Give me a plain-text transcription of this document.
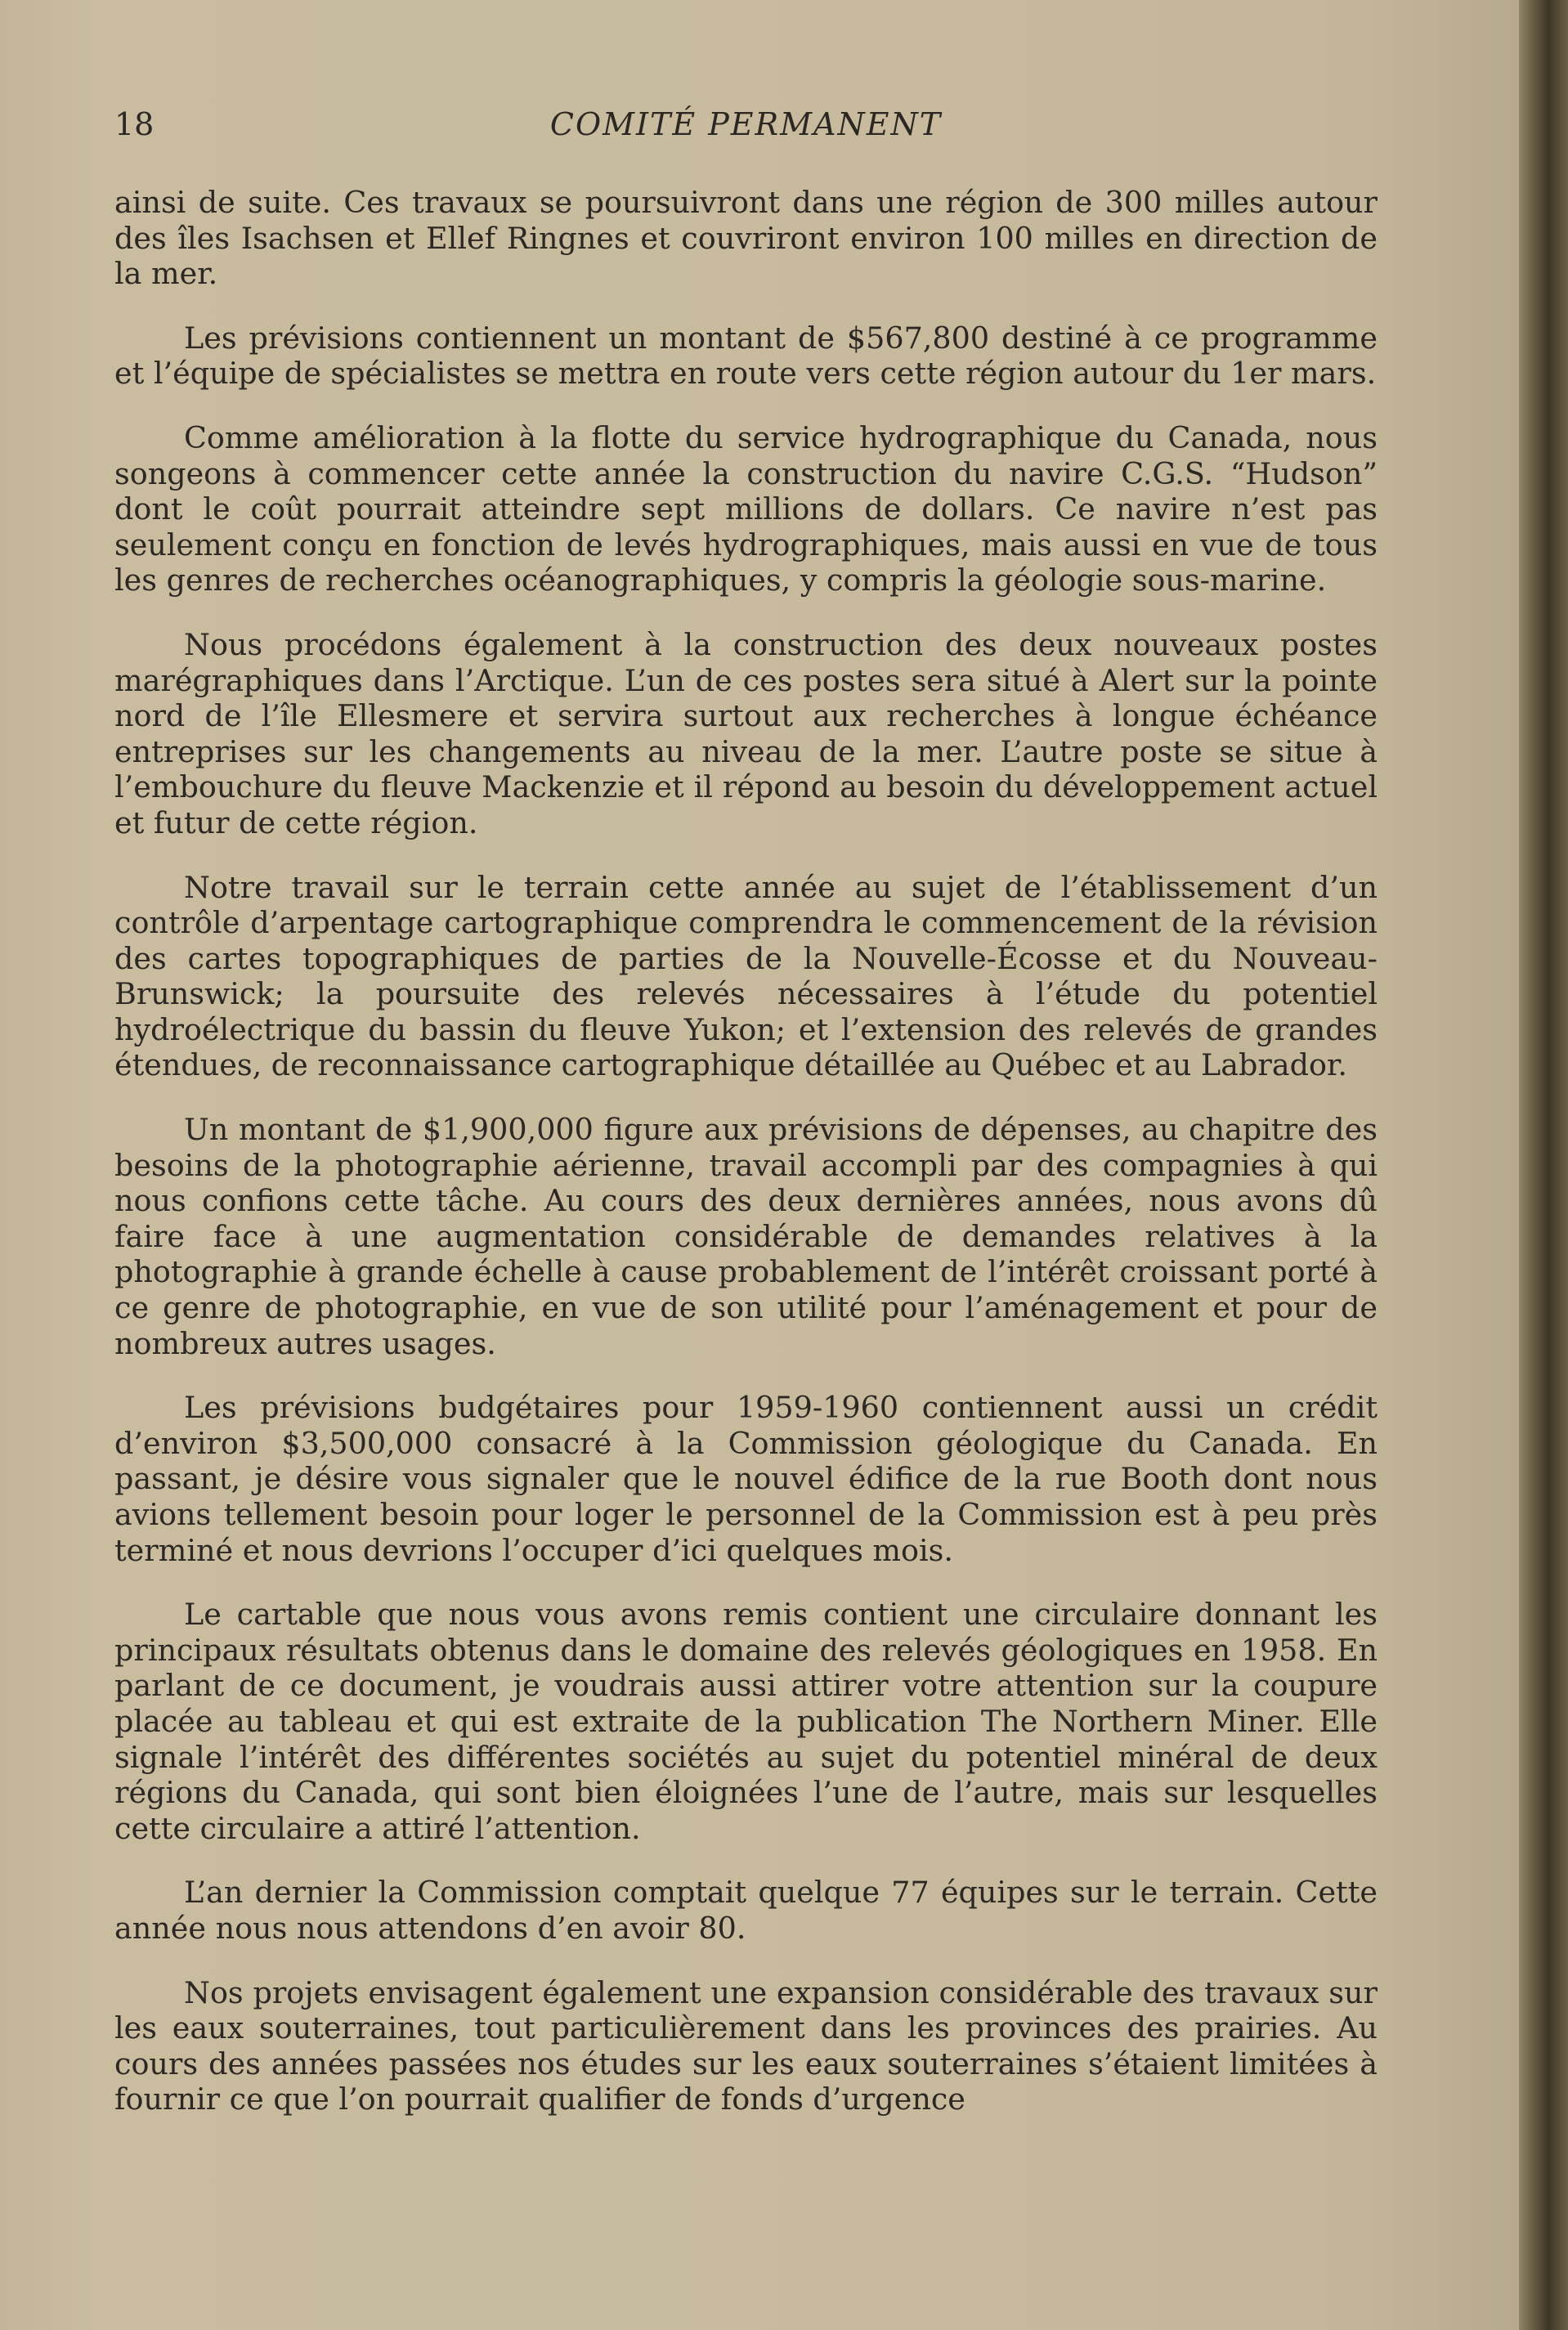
18	COMITÉ PERMANENT

ainsi de suite. Ces travaux se poursuivront dans une région de 300 milles autour des îles Isachsen et Ellef Ringnes et couvriront environ 100 milles en direction de la mer.

Les prévisions contiennent un montant de $567,800 destiné à ce programme et l’équipe de spécialistes se mettra en route vers cette région autour du 1er mars.

Comme amélioration à la flotte du service hydrographique du Canada, nous songeons à commencer cette année la construction du navire C.G.S. “Hudson” dont le coût pourrait atteindre sept millions de dollars. Ce navire n’est pas seulement conçu en fonction de levés hydrographiques, mais aussi en vue de tous les genres de recherches océanographiques, y compris la géologie sous-marine.

Nous procédons également à la construction des deux nouveaux postes marégraphiques dans l’Arctique. L’un de ces postes sera situé à Alert sur la pointe nord de l’île Ellesmere et servira surtout aux recherches à longue échéance entreprises sur les changements au niveau de la mer. L’autre poste se situe à l’embouchure du fleuve Mackenzie et il répond au besoin du développement actuel et futur de cette région.

Notre travail sur le terrain cette année au sujet de l’établissement d’un contrôle d’arpentage cartographique comprendra le commencement de la révision des cartes topographiques de parties de la Nouvelle-Écosse et du Nouveau-Brunswick; la poursuite des relevés nécessaires à l’étude du potentiel hydroélectrique du bassin du fleuve Yukon; et l’extension des relevés de grandes étendues, de reconnaissance cartographique détaillée au Québec et au Labrador.

Un montant de $1,900,000 figure aux prévisions de dépenses, au chapitre des besoins de la photographie aérienne, travail accompli par des compagnies à qui nous confions cette tâche. Au cours des deux dernières années, nous avons dû faire face à une augmentation considérable de demandes relatives à la photographie à grande échelle à cause probablement de l’intérêt croissant porté à ce genre de photographie, en vue de son utilité pour l’aménagement et pour de nombreux autres usages.

Les prévisions budgétaires pour 1959-1960 contiennent aussi un crédit d’environ $3,500,000 consacré à la Commission géologique du Canada. En passant, je désire vous signaler que le nouvel édifice de la rue Booth dont nous avions tellement besoin pour loger le personnel de la Commission est à peu près terminé et nous devrions l’occuper d’ici quelques mois.

Le cartable que nous vous avons remis contient une circulaire donnant les principaux résultats obtenus dans le domaine des relevés géologiques en 1958. En parlant de ce document, je voudrais aussi attirer votre attention sur la coupure placée au tableau et qui est extraite de la publication The Northern Miner. Elle signale l’intérêt des différentes sociétés au sujet du potentiel minéral de deux régions du Canada, qui sont bien éloignées l’une de l’autre, mais sur lesquelles cette circulaire a attiré l’attention.

L’an dernier la Commission comptait quelque 77 équipes sur le terrain. Cette année nous nous attendons d’en avoir 80.

Nos projets envisagent également une expansion considérable des travaux sur les eaux souterraines, tout particulièrement dans les provinces des prairies. Au cours des années passées nos études sur les eaux souterraines s’étaient limitées à fournir ce que l’on pourrait qualifier de fonds d’urgence
